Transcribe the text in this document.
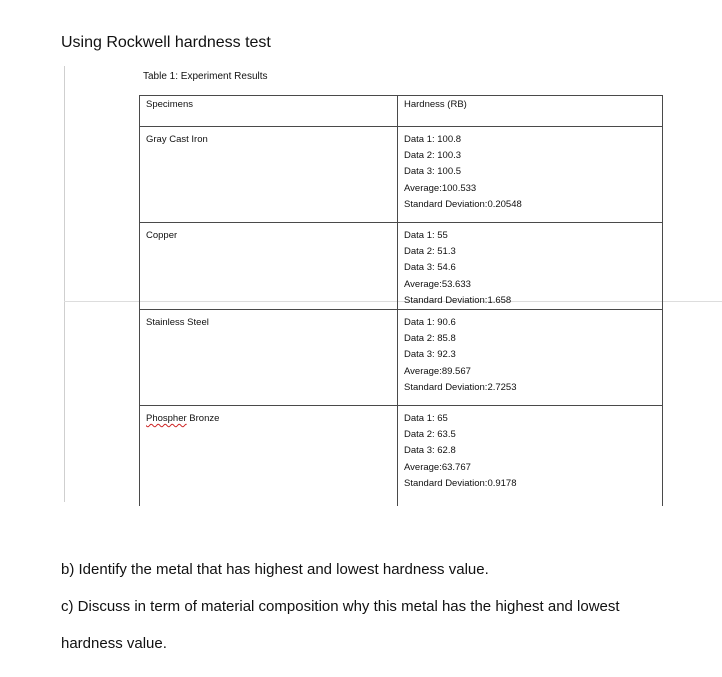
Using Rockwell hardness test
Table 1: Experiment Results
Specimens	Hardness (RB)

Gray Cast Iron	Data 1: 100.8
Data 2: 100.3
Data 3: 100.5
Average:100.533
Standard Deviation:0.20548

Copper	Data 1: 55
Data 2: 51.3
Data 3: 54.6
Average:53.633
Standard Deviation:1.658

Stainless Steel	Data 1: 90.6
Data 2: 85.8
Data 3: 92.3
Average:89.567
Standard Deviation:2.7253

Phospher Bronze	Data 1: 65
Data 2: 63.5
Data 3: 62.8
Average:63.767
Standard Deviation:0.9178
b) Identify the metal that has highest and lowest hardness value.
c) Discuss in term of material composition why this metal has the highest and lowest
hardness value.
